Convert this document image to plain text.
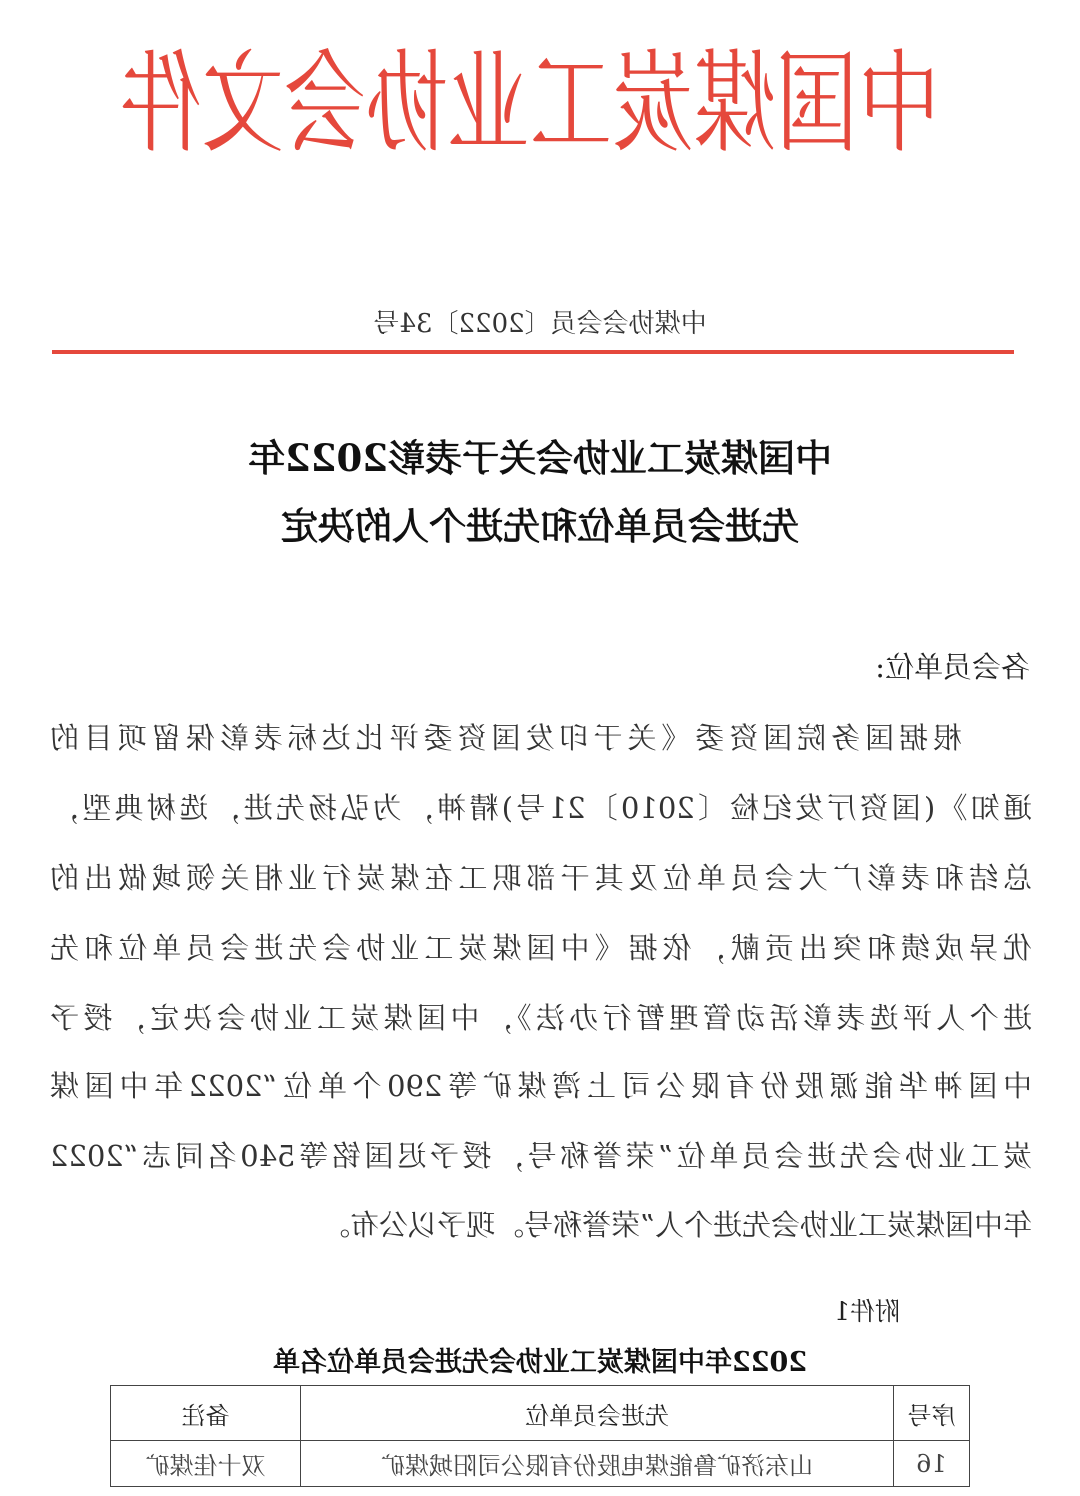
中国煤炭工业协会文件
中煤协会会员〔2022〕34号
中国煤炭工业协会关于表彰2022年
先进会员单位和先进个人的决定
各会员单位:
根据国务院国资委《关于印发国资委评比达标表彰保留项目的
通知》(国资厅发纪检〔2010〕21号)精神，为弘扬先进，选树典型，
总结和表彰广大会员单位及其干部职工在煤炭行业相关领域做出的
优异成绩和突出贡献，依据《中国煤炭工业协会先进会员单位和先
进个人评选表彰活动管理暂行办法》，中国煤炭工业协会决定，授予
中国神华能源股份有限公司上湾煤矿等290个单位“2022年中国煤
炭工业协会先进会员单位”荣誉称号，授予迟国铭等540名同志“2022
年中国煤炭工业协会先进个人”荣誉称号。现予以公布。
附件1
2022年中国煤炭工业协会先进会员单位名单
序号	先进会员单位	备注
16	山东济矿鲁能煤电股份有限公司阳城煤矿	双十佳煤矿
